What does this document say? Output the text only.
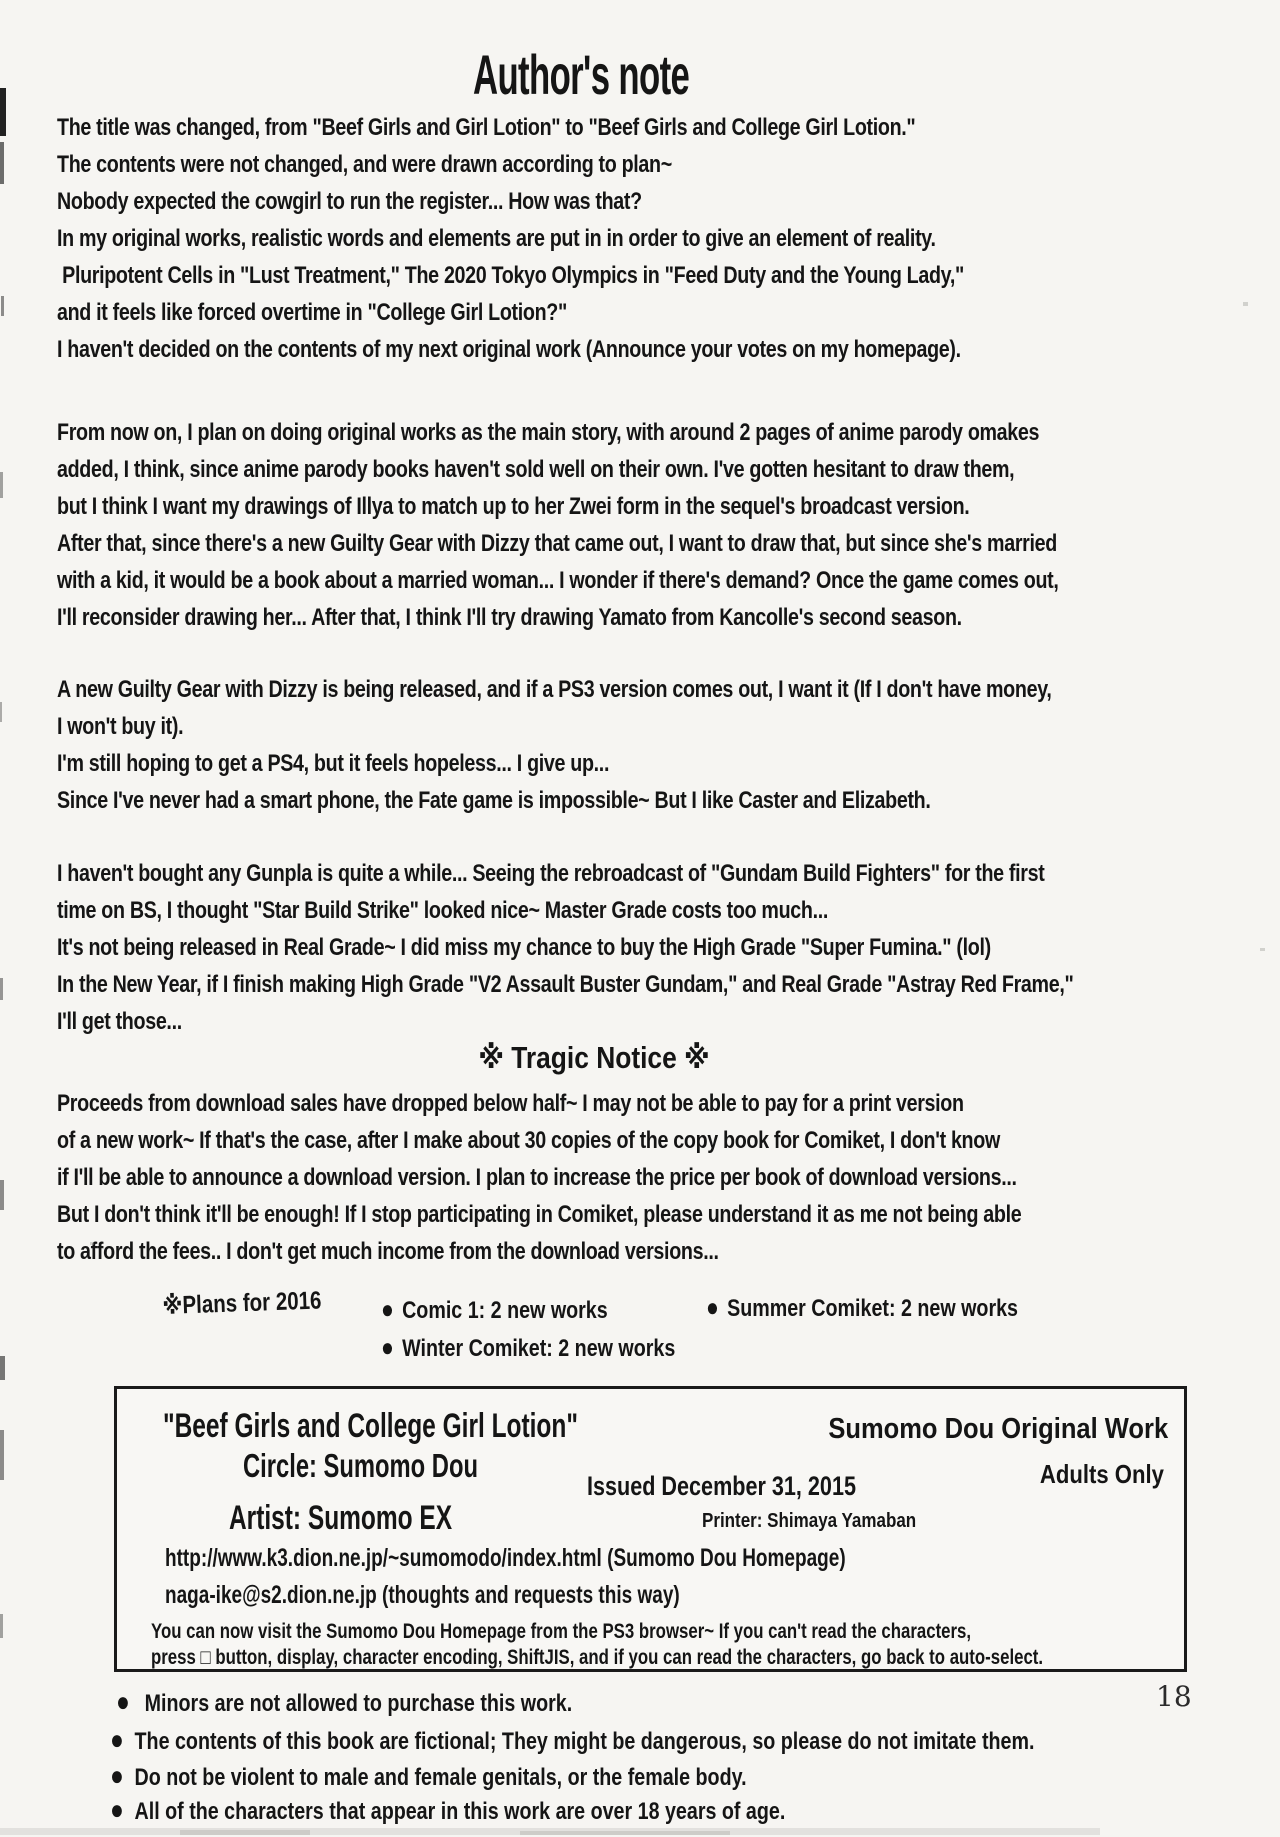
Author's note
The title was changed, from "Beef Girls and Girl Lotion" to "Beef Girls and College Girl Lotion."
The contents were not changed, and were drawn according to plan~
Nobody expected the cowgirl to run the register... How was that?
In my original works, realistic words and elements are put in in order to give an element of reality.
Pluripotent Cells in "Lust Treatment," The 2020 Tokyo Olympics in "Feed Duty and the Young Lady,"
and it feels like forced overtime in "College Girl Lotion?"
I haven't decided on the contents of my next original work (Announce your votes on my homepage).
From now on, I plan on doing original works as the main story, with around 2 pages of anime parody omakes
added, I think, since anime parody books haven't sold well on their own. I've gotten hesitant to draw them,
but I think I want my drawings of Illya to match up to her Zwei form in the sequel's broadcast version.
After that, since there's a new Guilty Gear with Dizzy that came out, I want to draw that, but since she's married
with a kid, it would be a book about a married woman... I wonder if there's demand? Once the game comes out,
I'll reconsider drawing her... After that, I think I'll try drawing Yamato from Kancolle's second season.
A new Guilty Gear with Dizzy is being released, and if a PS3 version comes out, I want it (If I don't have money,
I won't buy it).
I'm still hoping to get a PS4, but it feels hopeless... I give up...
Since I've never had a smart phone, the Fate game is impossible~ But I like Caster and Elizabeth.
I haven't bought any Gunpla is quite a while... Seeing the rebroadcast of "Gundam Build Fighters" for the first
time on BS, I thought "Star Build Strike" looked nice~ Master Grade costs too much...
It's not being released in Real Grade~ I did miss my chance to buy the High Grade "Super Fumina." (lol)
In the New Year, if I finish making High Grade "V2 Assault Buster Gundam," and Real Grade "Astray Red Frame,"
I'll get those...
※ Tragic Notice ※
Proceeds from download sales have dropped below half~ I may not be able to pay for a print version
of a new work~ If that's the case, after I make about 30 copies of the copy book for Comiket, I don't know
if I'll be able to announce a download version. I plan to increase the price per book of download versions...
But I don't think it'll be enough! If I stop participating in Comiket, please understand it as me not being able
to afford the fees.. I don't get much income from the download versions...
※Plans for 2016 ● Comic 1: 2 new works	● Summer Comiket: 2 new works
● Winter Comiket: 2 new works
"Beef Girls and College Girl Lotion"	Sumomo Dou Original Work
Circle: Sumomo Dou
Issued December 31, 2015	Adults Only
Artist: Sumomo EX	Printer: Shimaya Yamaban
http://www.k3.dion.ne.jp/~sumomodo/index.html (Sumomo Dou Homepage)
naga-ike@s2.dion.ne.jp (thoughts and requests this way)
You can now visit the Sumomo Dou Homepage from the PS3 browser~ If you can't read the characters,
press □ button, display, character encoding, ShiftJIS, and if you can read the characters, go back to auto-select.
● Minors are not allowed to purchase this work.
● The contents of this book are fictional; They might be dangerous, so please do not imitate them.
● Do not be violent to male and female genitals, or the female body.
● All of the characters that appear in this work are over 18 years of age.
18
